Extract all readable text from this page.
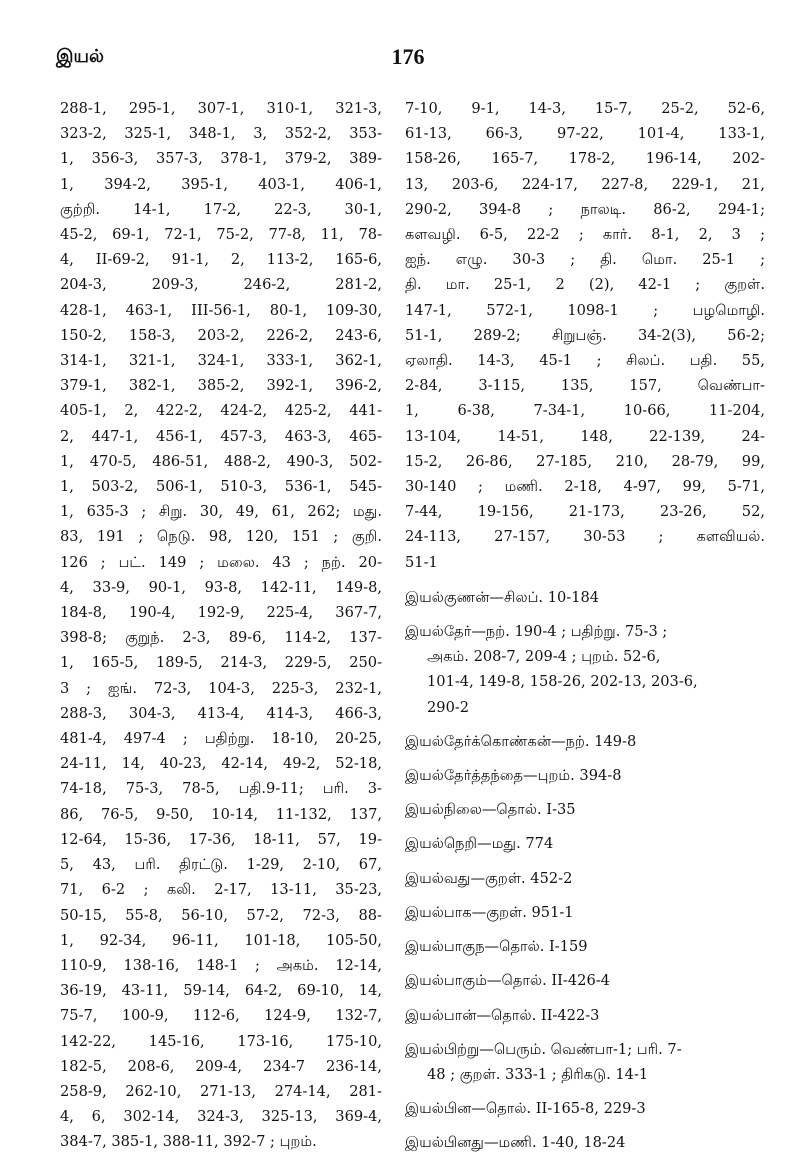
இயல்	176
288-1, 295-1, 307-1, 310-1, 321-3,
323-2, 325-1, 348-1, 3, 352-2, 353-
1, 356-3, 357-3, 378-1, 379-2, 389-
1, 394-2, 395-1, 403-1, 406-1,
குற்றி. 14-1, 17-2, 22-3, 30-1,
45-2, 69-1, 72-1, 75-2, 77-8, 11, 78-
4, II-69-2, 91-1, 2, 113-2, 165-6,
204-3, 209-3, 246-2, 281-2,
428-1, 463-1, III-56-1, 80-1, 109-30,
150-2, 158-3, 203-2, 226-2, 243-6,
314-1, 321-1, 324-1, 333-1, 362-1,
379-1, 382-1, 385-2, 392-1, 396-2,
405-1, 2, 422-2, 424-2, 425-2, 441-
2, 447-1, 456-1, 457-3, 463-3, 465-
1, 470-5, 486-51, 488-2, 490-3, 502-
1, 503-2, 506-1, 510-3, 536-1, 545-
1, 635-3 ; சிறு. 30, 49, 61, 262; மது.
83, 191 ; நெடு. 98, 120, 151 ; குறி.
126 ; பட். 149 ; மலை. 43 ; நற். 20-
4, 33-9, 90-1, 93-8, 142-11, 149-8,
184-8, 190-4, 192-9, 225-4, 367-7,
398-8; குறுந். 2-3, 89-6, 114-2, 137-
1, 165-5, 189-5, 214-3, 229-5, 250-
3 ; ஐங். 72-3, 104-3, 225-3, 232-1,
288-3, 304-3, 413-4, 414-3, 466-3,
481-4, 497-4 ; பதிற்று. 18-10, 20-25,
24-11, 14, 40-23, 42-14, 49-2, 52-18,
74-18, 75-3, 78-5, பதி.9-11; பரி. 3-
86, 76-5, 9-50, 10-14, 11-132, 137,
12-64, 15-36, 17-36, 18-11, 57, 19-
5, 43, பரி. திரட்டு. 1-29, 2-10, 67,
71, 6-2 ; கலி. 2-17, 13-11, 35-23,
50-15, 55-8, 56-10, 57-2, 72-3, 88-
1, 92-34, 96-11, 101-18, 105-50,
110-9, 138-16, 148-1 ; அகம். 12-14,
36-19, 43-11, 59-14, 64-2, 69-10, 14,
75-7, 100-9, 112-6, 124-9, 132-7,
142-22, 145-16, 173-16, 175-10,
182-5, 208-6, 209-4, 234-7 236-14,
258-9, 262-10, 271-13, 274-14, 281-
4, 6, 302-14, 324-3, 325-13, 369-4,
384-7, 385-1, 388-11, 392-7 ; புறம்.
7-10, 9-1, 14-3, 15-7, 25-2, 52-6,
61-13, 66-3, 97-22, 101-4, 133-1,
158-26, 165-7, 178-2, 196-14, 202-
13, 203-6, 224-17, 227-8, 229-1, 21,
290-2, 394-8 ; நாலடி. 86-2, 294-1;
களவழி. 6-5, 22-2 ; கார். 8-1, 2, 3 ;
ஐந். எழு. 30-3 ; தி. மொ. 25-1 ;
தி. மா. 25-1, 2 (2), 42-1 ; குறள்.
147-1, 572-1, 1098-1 ; பழமொழி.
51-1, 289-2; சிறுபஞ். 34-2(3), 56-2;
ஏலாதி. 14-3, 45-1 ; சிலப். பதி. 55,
2-84, 3-115, 135, 157, வெண்பா-
1, 6-38, 7-34-1, 10-66, 11-204,
13-104, 14-51, 148, 22-139, 24-
15-2, 26-86, 27-185, 210, 28-79, 99,
30-140 ; மணி. 2-18, 4-97, 99, 5-71,
7-44, 19-156, 21-173, 23-26, 52,
24-113, 27-157, 30-53 ; களவியல்.
51-1
இயல்குணன்—சிலப். 10-184
இயல்தேர்—நற். 190-4 ; பதிற்று. 75-3 ;
அகம். 208-7, 209-4 ; புறம். 52-6,
101-4, 149-8, 158-26, 202-13, 203-6,
290-2
இயல்தேர்க்கொண்கன்—நற். 149-8
இயல்தேர்த்தந்தை—புறம். 394-8
இயல்நிலை—தொல். I-35
இயல்நெறி—மது. 774
இயல்வது—குறள். 452-2
இயல்பாக—குறள். 951-1
இயல்பாகுந—தொல். I-159
இயல்பாகும்—தொல். II-426-4
இயல்பான்—தொல். II-422-3
இயல்பிற்று—பெரும். வெண்பா-1; பரி. 7-
48 ; குறள். 333-1 ; திரிகடு. 14-1
இயல்பின—தொல். II-165-8, 229-3
இயல்பினது—மணி. 1-40, 18-24
